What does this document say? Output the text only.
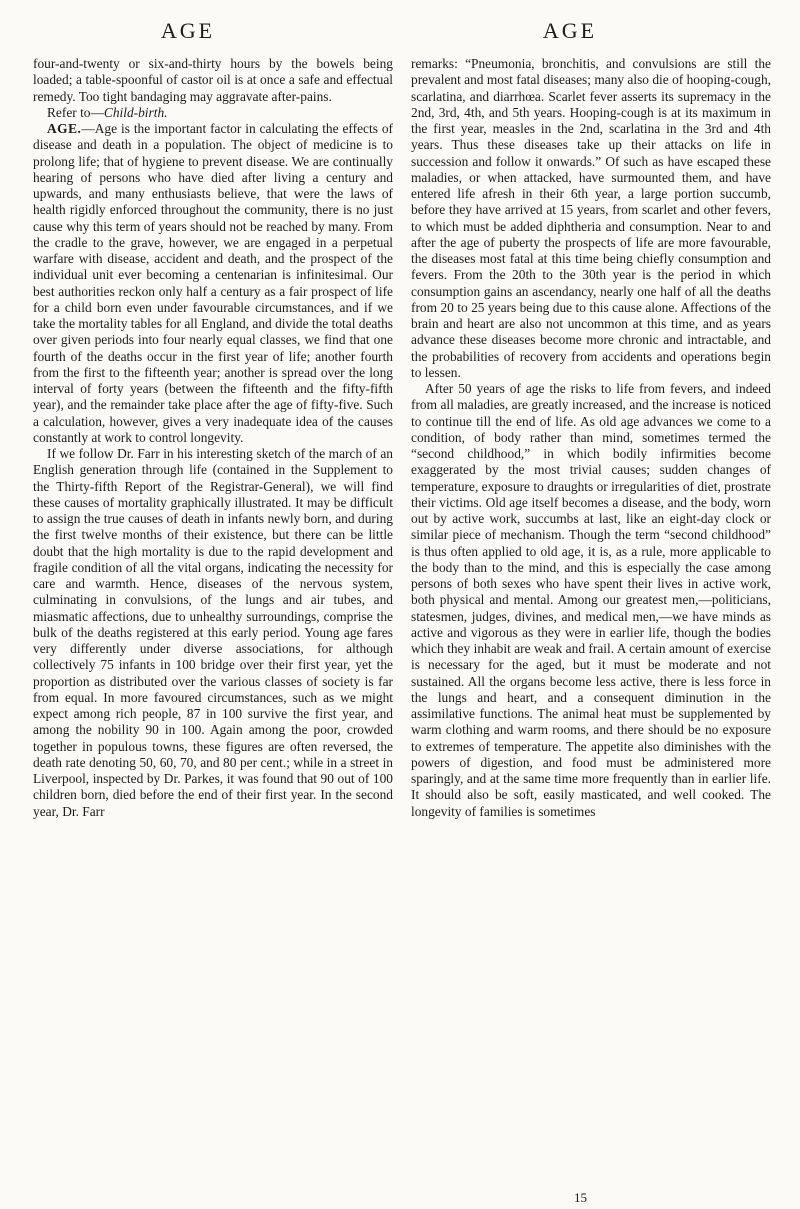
AGE	AGE

four-and-twenty or six-and-thirty hours by the bowels being loaded; a table-spoonful of castor oil is at once a safe and effectual remedy. Too tight bandaging may aggravate after-pains.

Refer to—Child-birth.

AGE.—Age is the important factor in calculating the effects of disease and death in a population. The object of medicine is to prolong life; that of hygiene to prevent disease. We are continually hearing of persons who have died after living a century and upwards, and many enthusiasts believe, that were the laws of health rigidly enforced throughout the community, there is no just cause why this term of years should not be reached by many. From the cradle to the grave, however, we are engaged in a perpetual warfare with disease, accident and death, and the prospect of the individual unit ever becoming a centenarian is infinitesimal. Our best authorities reckon only half a century as a fair prospect of life for a child born even under favourable circumstances, and if we take the mortality tables for all England, and divide the total deaths over given periods into four nearly equal classes, we find that one fourth of the deaths occur in the first year of life; another fourth from the first to the fifteenth year; another is spread over the long interval of forty years (between the fifteenth and the fifty-fifth year), and the remainder take place after the age of fifty-five. Such a calculation, however, gives a very inadequate idea of the causes constantly at work to control longevity.

If we follow Dr. Farr in his interesting sketch of the march of an English generation through life (contained in the Supplement to the Thirty-fifth Report of the Registrar-General), we will find these causes of mortality graphically illustrated. It may be difficult to assign the true causes of death in infants newly born, and during the first twelve months of their existence, but there can be little doubt that the high mortality is due to the rapid development and fragile condition of all the vital organs, indicating the necessity for care and warmth. Hence, diseases of the nervous system, culminating in convulsions, of the lungs and air tubes, and miasmatic affections, due to unhealthy surroundings, comprise the bulk of the deaths registered at this early period. Young age fares very differently under diverse associations, for although collectively 75 infants in 100 bridge over their first year, yet the proportion as distributed over the various classes of society is far from equal. In more favoured circumstances, such as we might expect among rich people, 87 in 100 survive the first year, and among the nobility 90 in 100. Again among the poor, crowded together in populous towns, these figures are often reversed, the death rate denoting 50, 60, 70, and 80 per cent.; while in a street in Liverpool, inspected by Dr. Parkes, it was found that 90 out of 100 children born, died before the end of their first year. In the second year, Dr. Farr

remarks: “Pneumonia, bronchitis, and convulsions are still the prevalent and most fatal diseases; many also die of hooping-cough, scarlatina, and diarrhœa. Scarlet fever asserts its supremacy in the 2nd, 3rd, 4th, and 5th years. Hooping-cough is at its maximum in the first year, measles in the 2nd, scarlatina in the 3rd and 4th years. Thus these diseases take up their attacks on life in succession and follow it onwards.” Of such as have escaped these maladies, or when attacked, have surmounted them, and have entered life afresh in their 6th year, a large portion succumb, before they have arrived at 15 years, from scarlet and other fevers, to which must be added diphtheria and consumption. Near to and after the age of puberty the prospects of life are more favourable, the diseases most fatal at this time being chiefly consumption and fevers. From the 20th to the 30th year is the period in which consumption gains an ascendancy, nearly one half of all the deaths from 20 to 25 years being due to this cause alone. Affections of the brain and heart are also not uncommon at this time, and as years advance these diseases become more chronic and intractable, and the probabilities of recovery from accidents and operations begin to lessen.

After 50 years of age the risks to life from fevers, and indeed from all maladies, are greatly increased, and the increase is noticed to continue till the end of life. As old age advances we come to a condition, of body rather than mind, sometimes termed the “second childhood,” in which bodily infirmities become exaggerated by the most trivial causes; sudden changes of temperature, exposure to draughts or irregularities of diet, prostrate their victims. Old age itself becomes a disease, and the body, worn out by active work, succumbs at last, like an eight-day clock or similar piece of mechanism. Though the term “second childhood” is thus often applied to old age, it is, as a rule, more applicable to the body than to the mind, and this is especially the case among persons of both sexes who have spent their lives in active work, both physical and mental. Among our greatest men,—politicians, statesmen, judges, divines, and medical men,—we have minds as active and vigorous as they were in earlier life, though the bodies which they inhabit are weak and frail. A certain amount of exercise is necessary for the aged, but it must be moderate and not sustained. All the organs become less active, there is less force in the lungs and heart, and a consequent diminution in the assimilative functions. The animal heat must be supplemented by warm clothing and warm rooms, and there should be no exposure to extremes of temperature. The appetite also diminishes with the powers of digestion, and food must be administered more sparingly, and at the same time more frequently than in earlier life. It should also be soft, easily masticated, and well cooked. The longevity of families is sometimes

15
